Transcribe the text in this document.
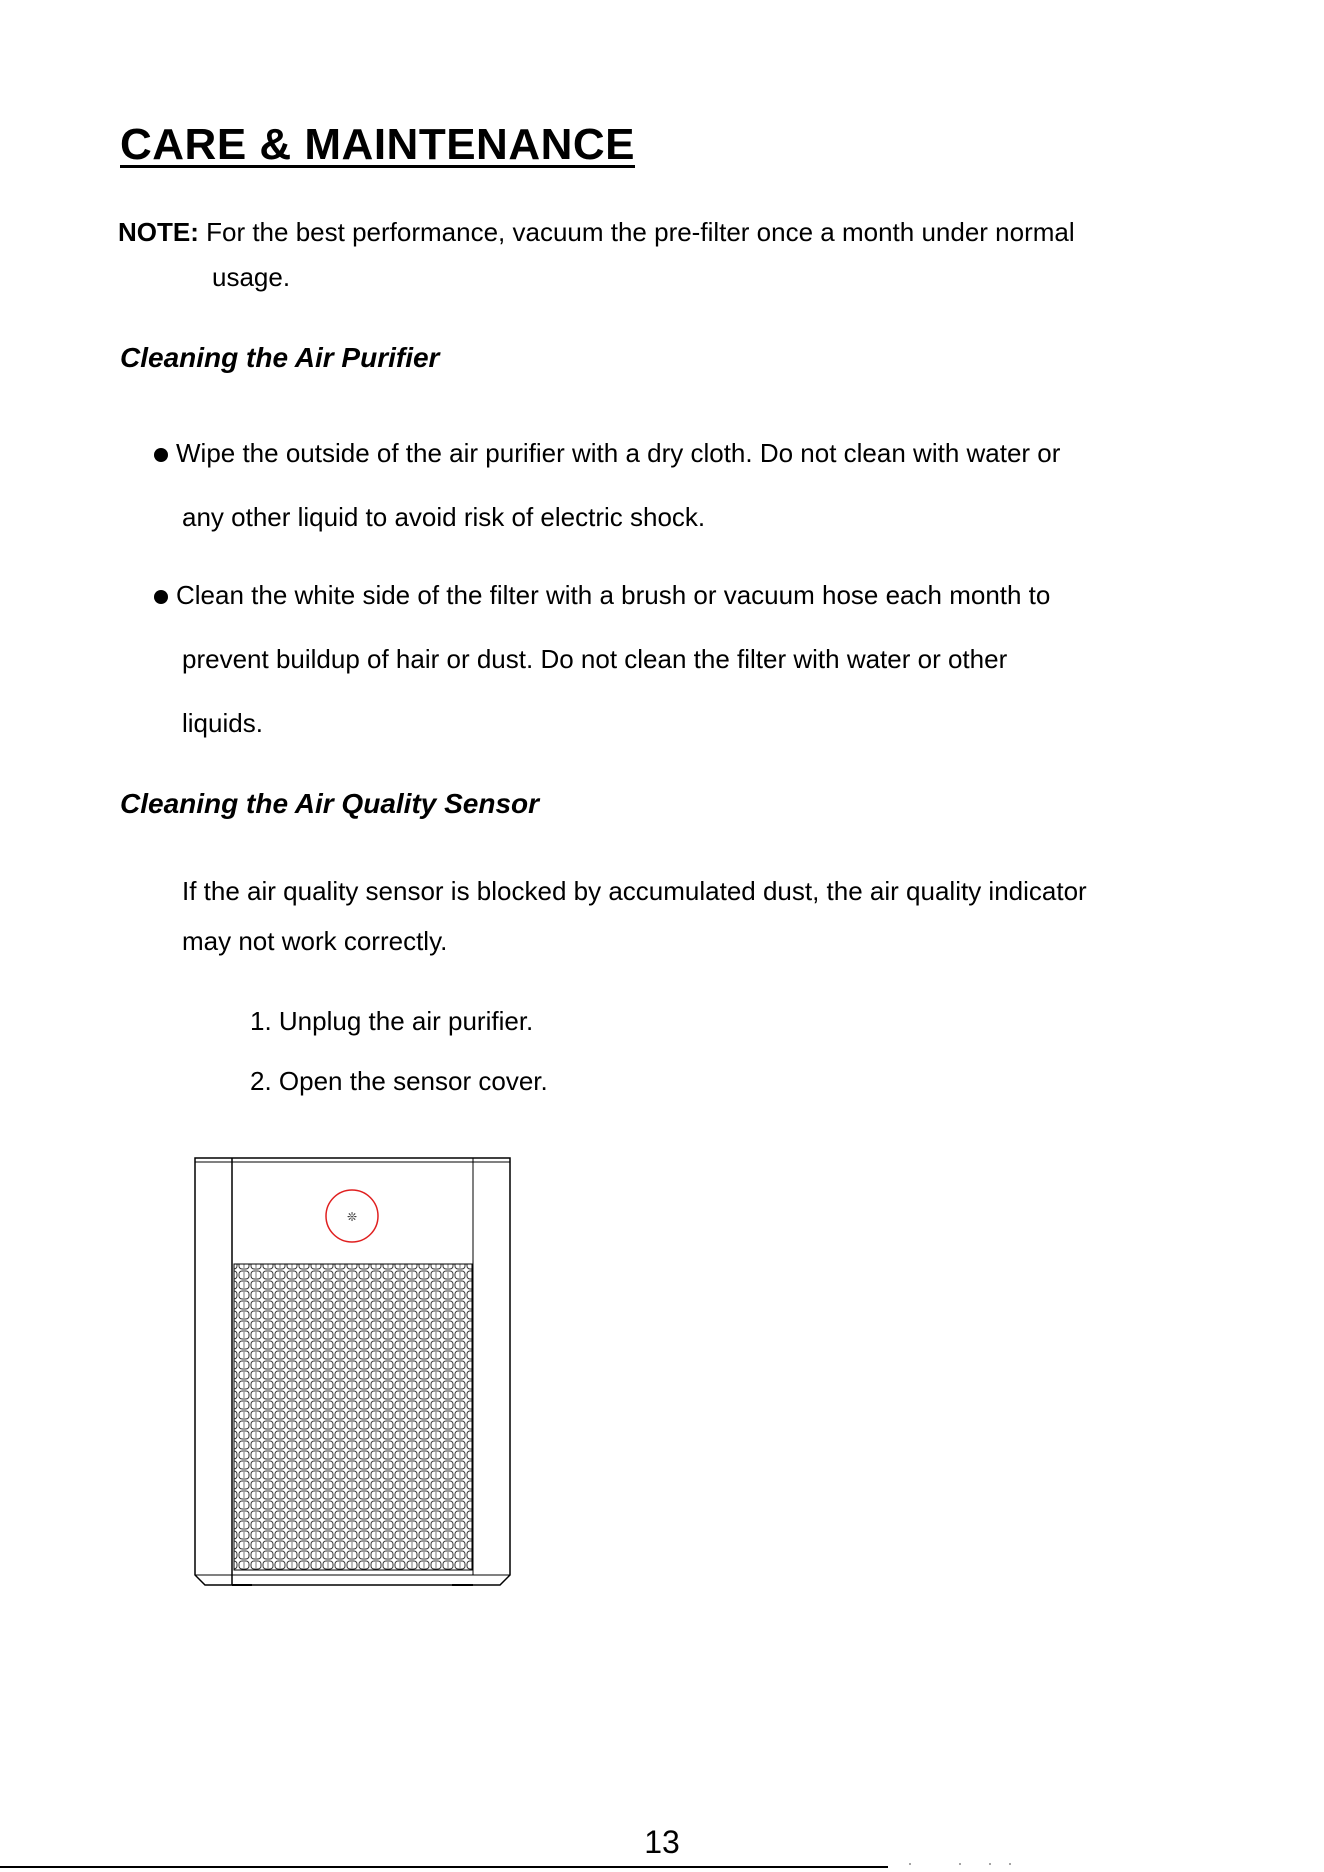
CARE & MAINTENANCE

NOTE: For the best performance, vacuum the pre-filter once a month under normal

usage.

Cleaning the Air Purifier

Wipe the outside of the air purifier with a dry cloth. Do not clean with water or

any other liquid to avoid risk of electric shock.

Clean the white side of the filter with a brush or vacuum hose each month to

prevent buildup of hair or dust. Do not clean the filter with water or other

liquids.

Cleaning the Air Quality Sensor

If the air quality sensor is blocked by accumulated dust, the air quality indicator

may not work correctly.

1. Unplug the air purifier.

2. Open the sensor cover.

❊

13
